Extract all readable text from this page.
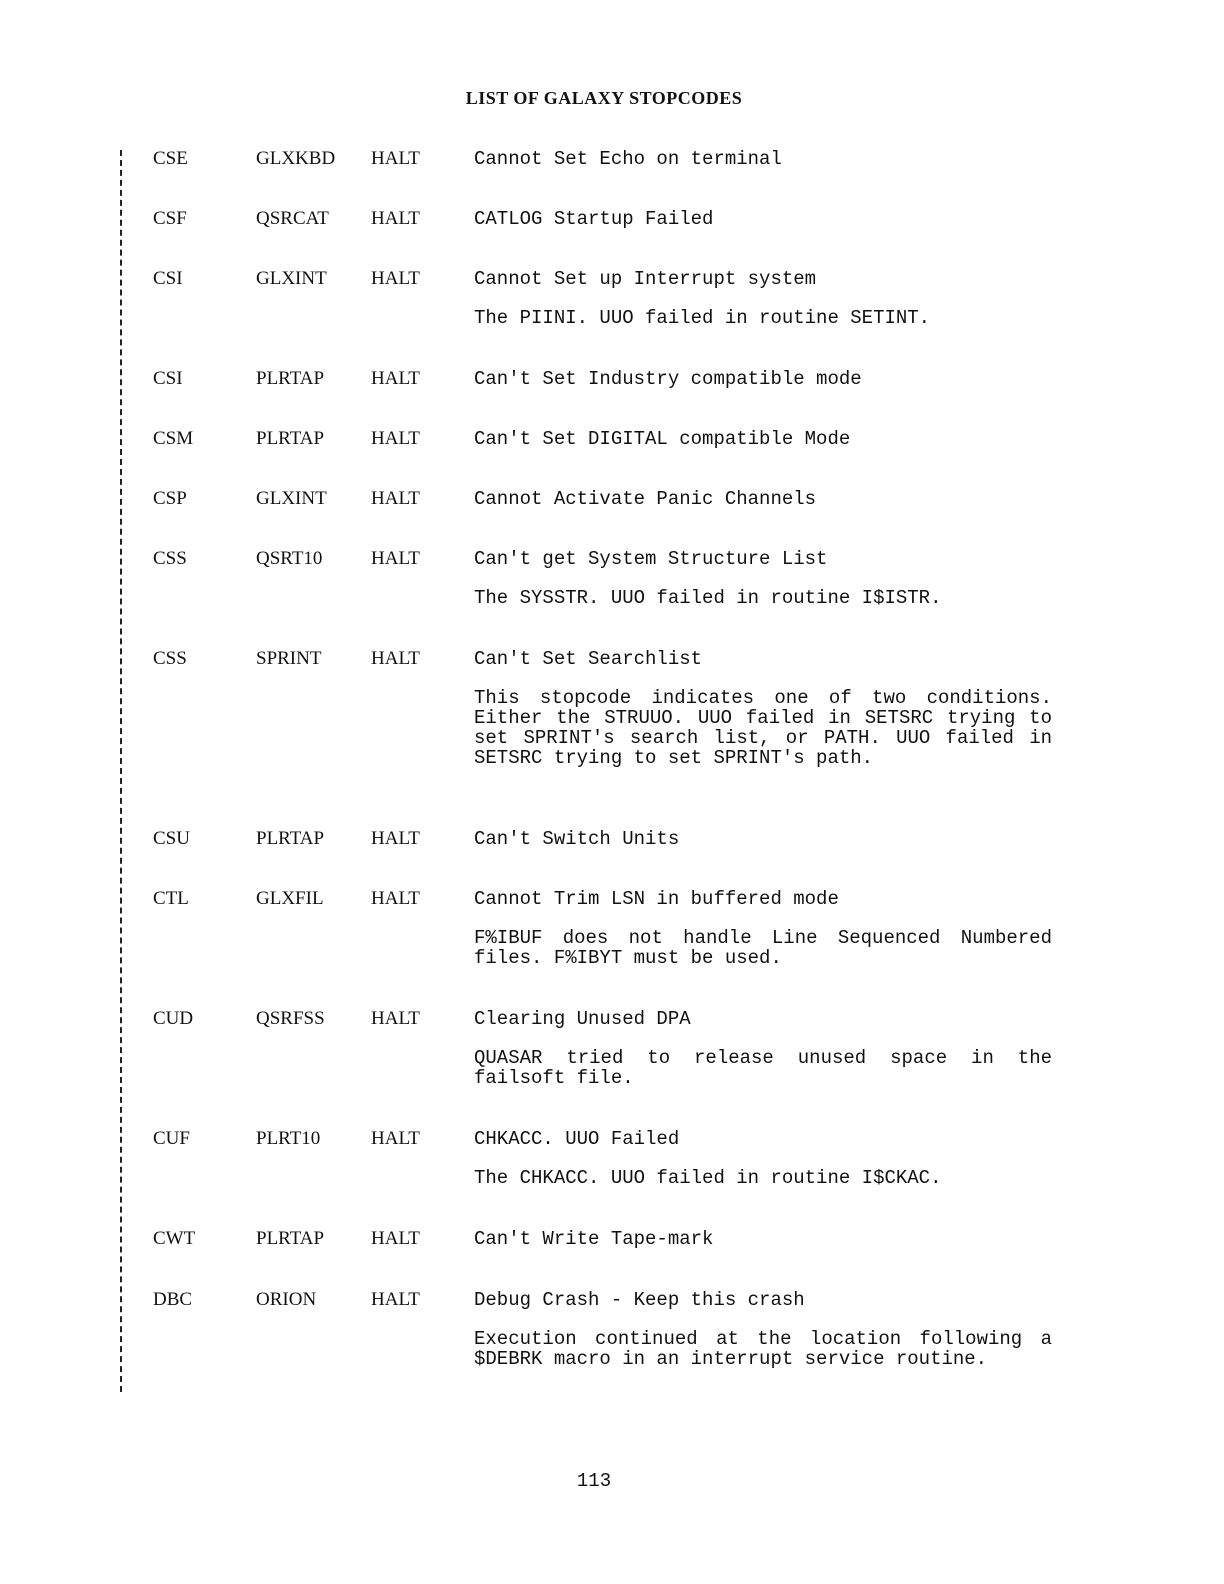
LIST OF GALAXY STOPCODES
CSE	GLXKBD HALT	Cannot Set Echo on terminal
CSF	QSRCAT HALT	CATLOG Startup Failed
CSI	GLXINT HALT	Cannot Set up Interrupt system
The PIINI. UUO failed in routine SETINT.
CSI	PLRTAP HALT	Can't Set Industry compatible mode
CSM	PLRTAP HALT	Can't Set DIGITAL compatible Mode
CSP	GLXINT HALT	Cannot Activate Panic Channels
CSS	QSRT10	HALT	Can't get System Structure List
The SYSSTR. UUO failed in routine I$ISTR.
CSS	SPRINT	HALT	Can't Set Searchlist
This stopcode indicates one of two conditions. Either the STRUUO. UUO failed in SETSRC trying to set SPRINT's search list, or PATH. UUO failed in SETSRC trying to set SPRINT's path.
CSU	PLRTAP HALT	Can't Switch Units
CTL	GLXFIL HALT	Cannot Trim LSN in buffered mode
F%IBUF does not handle Line Sequenced Numbered files. F%IBYT must be used.
CUD	QSRFSS HALT	Clearing Unused DPA
QUASAR tried to release unused space in the failsoft file.
CUF	PLRT10	HALT	CHKACC. UUO Failed
The CHKACC. UUO failed in routine I$CKAC.
CWT	PLRTAP HALT	Can't Write Tape-mark
DBC	ORION	HALT	Debug Crash - Keep this crash
Execution continued at the location following a $DEBRK macro in an interrupt service routine.
113
